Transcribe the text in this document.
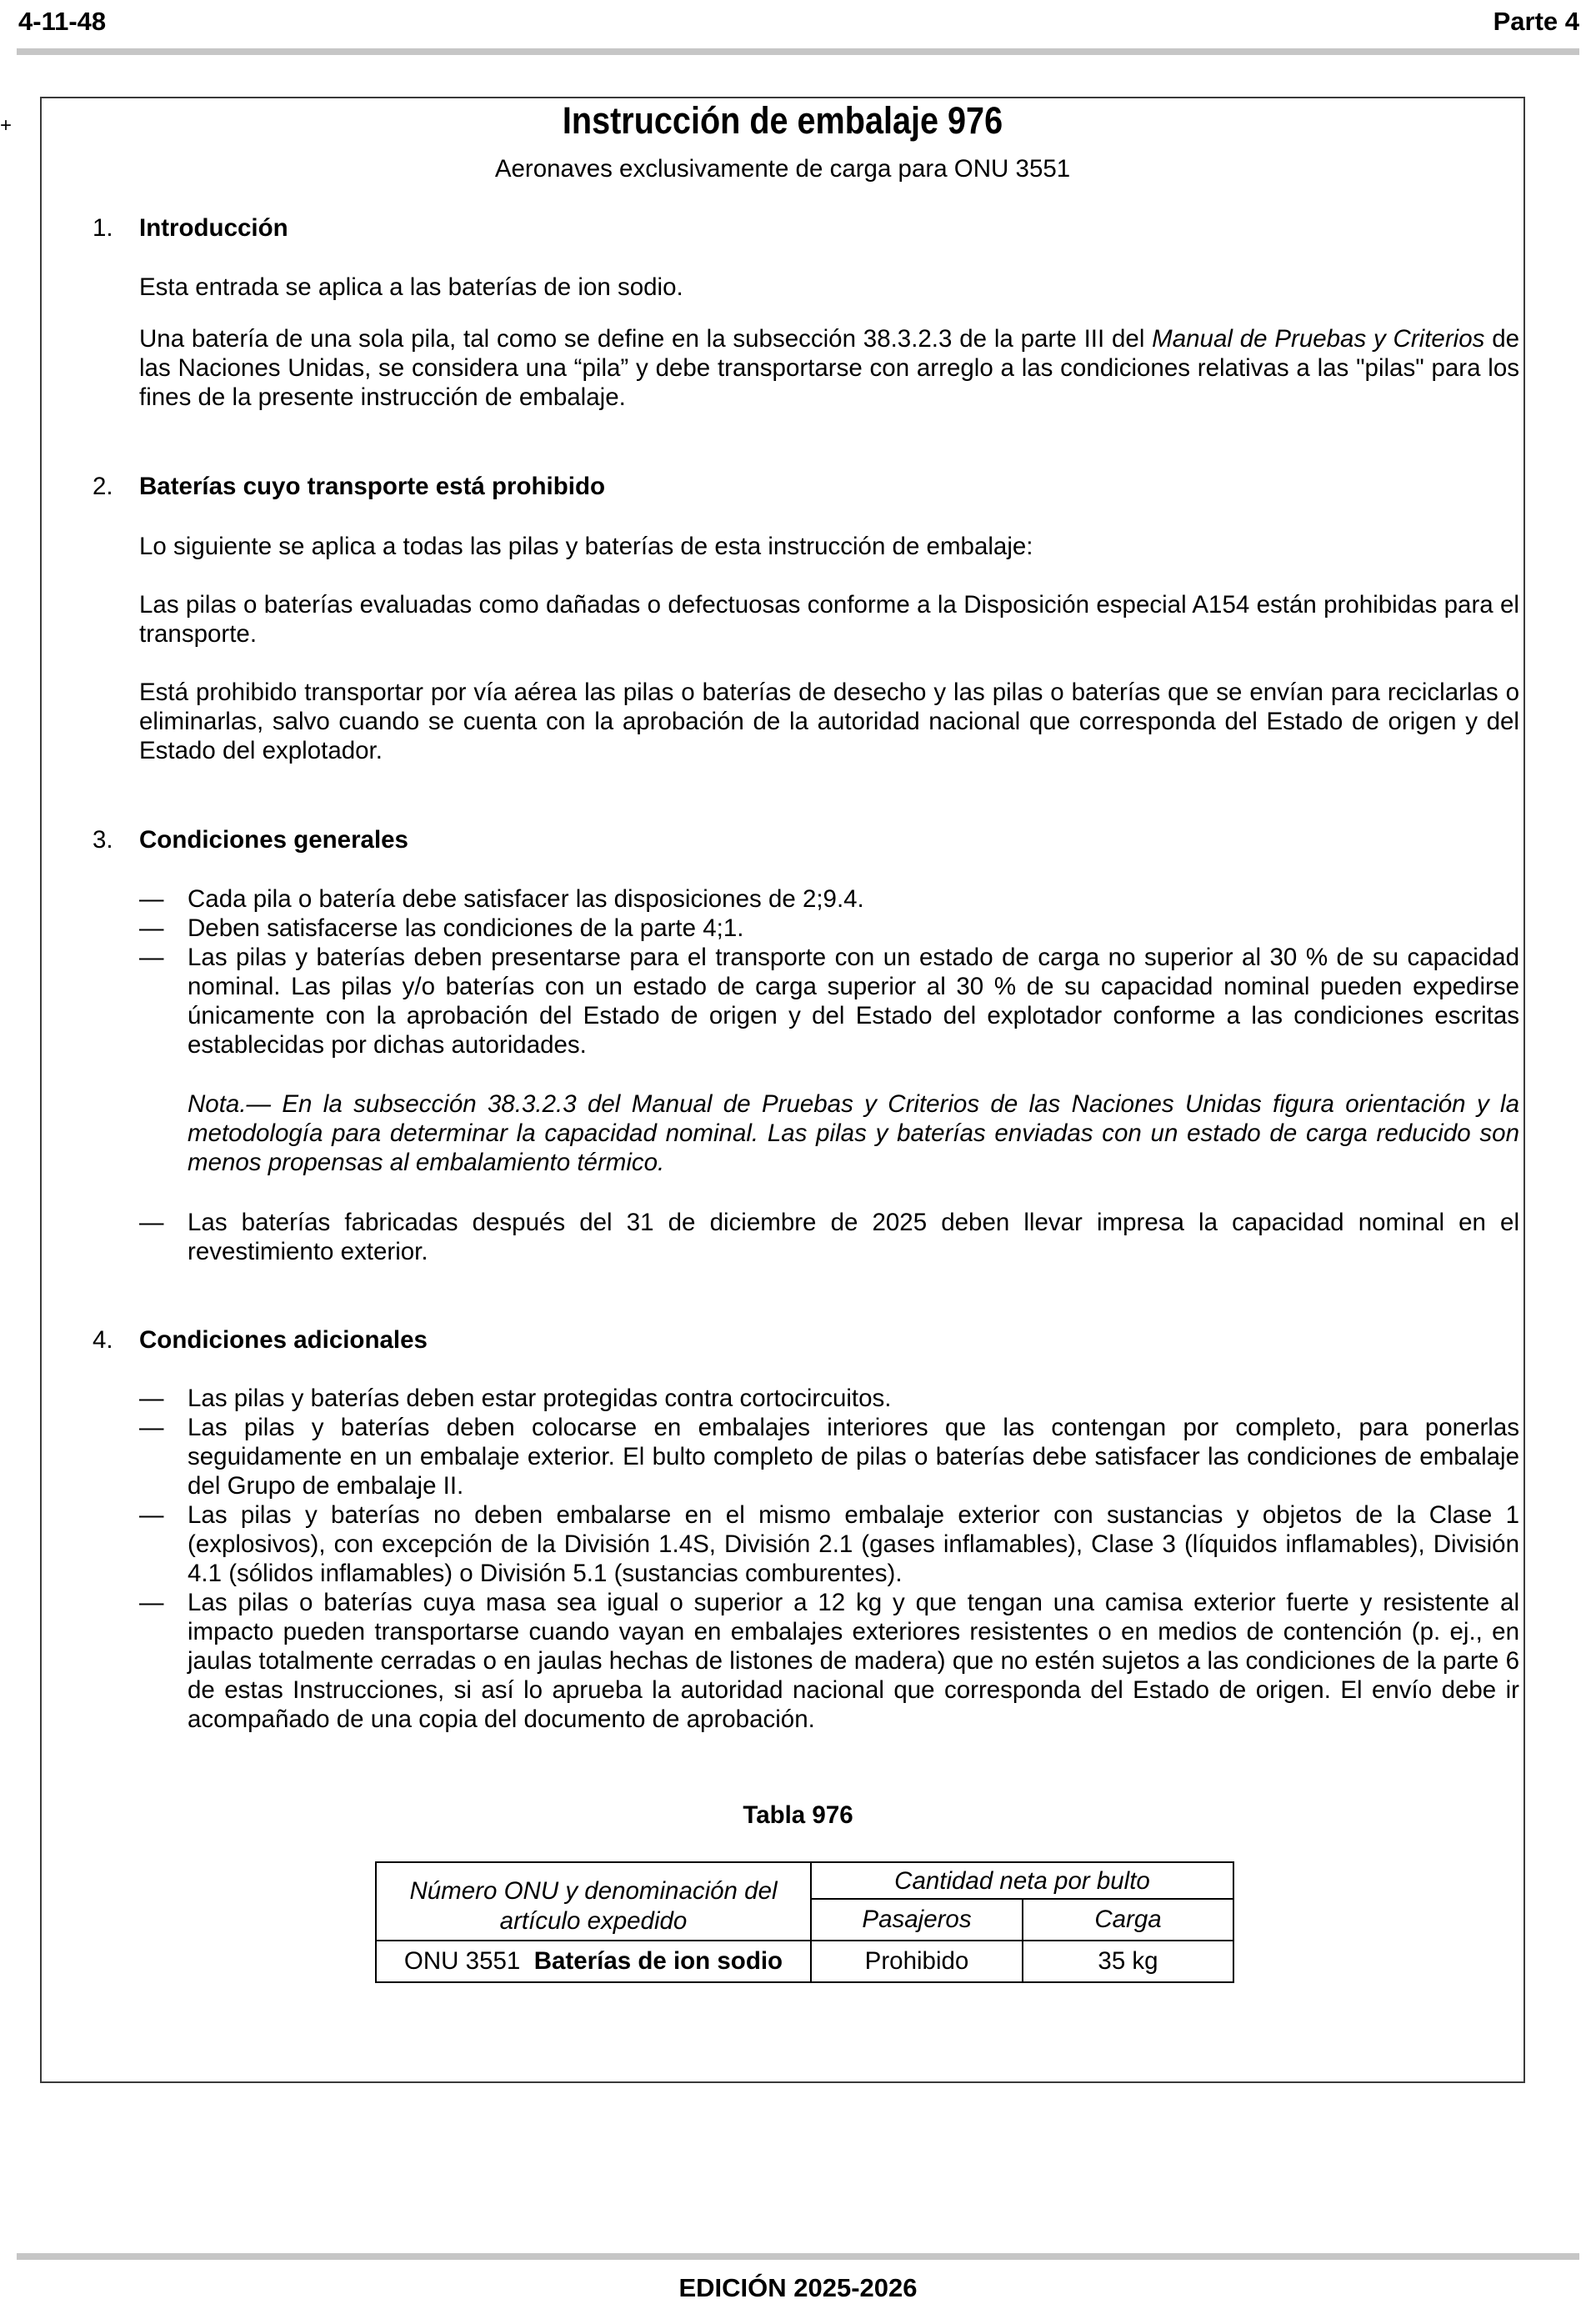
4-11-48	Parte 4
+	Instrucción de embalaje 976
Aeronaves exclusivamente de carga para ONU 3551
1. Introducción
Esta entrada se aplica a las baterías de ion sodio.
Una batería de una sola pila, tal como se define en la subsección 38.3.2.3 de la parte III del Manual de Pruebas y Criterios de las Naciones Unidas, se considera una “pila” y debe transportarse con arreglo a las condiciones relativas a las "pilas" para los fines de la presente instrucción de embalaje.
2. Baterías cuyo transporte está prohibido
Lo siguiente se aplica a todas las pilas y baterías de esta instrucción de embalaje:
Las pilas o baterías evaluadas como dañadas o defectuosas conforme a la Disposición especial A154 están prohibidas para el transporte.
Está prohibido transportar por vía aérea las pilas o baterías de desecho y las pilas o baterías que se envían para reciclarlas o eliminarlas, salvo cuando se cuenta con la aprobación de la autoridad nacional que corresponda del Estado de origen y del Estado del explotador.
3. Condiciones generales
— Cada pila o batería debe satisfacer las disposiciones de 2;9.4.
— Deben satisfacerse las condiciones de la parte 4;1.
— Las pilas y baterías deben presentarse para el transporte con un estado de carga no superior al 30 % de su capacidad nominal. Las pilas y/o baterías con un estado de carga superior al 30 % de su capacidad nominal pueden expedirse únicamente con la aprobación del Estado de origen y del Estado del explotador conforme a las condiciones escritas establecidas por dichas autoridades.
Nota.— En la subsección 38.3.2.3 del Manual de Pruebas y Criterios de las Naciones Unidas figura orientación y la metodología para determinar la capacidad nominal. Las pilas y baterías enviadas con un estado de carga reducido son menos propensas al embalamiento térmico.
— Las baterías fabricadas después del 31 de diciembre de 2025 deben llevar impresa la capacidad nominal en el revestimiento exterior.
4. Condiciones adicionales
— Las pilas y baterías deben estar protegidas contra cortocircuitos.
— Las pilas y baterías deben colocarse en embalajes interiores que las contengan por completo, para ponerlas seguidamente en un embalaje exterior. El bulto completo de pilas o baterías debe satisfacer las condiciones de embalaje del Grupo de embalaje II.
— Las pilas y baterías no deben embalarse en el mismo embalaje exterior con sustancias y objetos de la Clase 1 (explosivos), con excepción de la División 1.4S, División 2.1 (gases inflamables), Clase 3 (líquidos inflamables), División 4.1 (sólidos inflamables) o División 5.1 (sustancias comburentes).
— Las pilas o baterías cuya masa sea igual o superior a 12 kg y que tengan una camisa exterior fuerte y resistente al impacto pueden transportarse cuando vayan en embalajes exteriores resistentes o en medios de contención (p. ej., en jaulas totalmente cerradas o en jaulas hechas de listones de madera) que no estén sujetos a las condiciones de la parte 6 de estas Instrucciones, si así lo aprueba la autoridad nacional que corresponda del Estado de origen. El envío debe ir acompañado de una copia del documento de aprobación.
Tabla 976
Número ONU y denominación del artículo expedido	Cantidad neta por bulto	
	Pasajeros	Carga
ONU 3551 Baterías de ion sodio	Prohibido	35 kg
EDICIÓN 2025-2026
